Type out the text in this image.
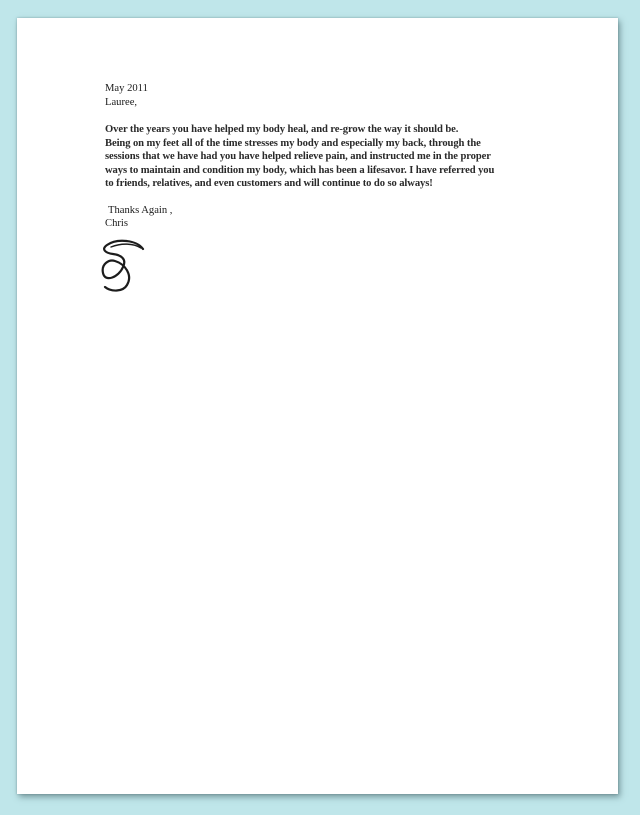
May 2011
Lauree,

Over the years you have helped my body heal, and re-grow the way it should be.
Being on my feet all of the time stresses my body and especially my back, through the
sessions that we have had you have helped relieve pain, and instructed me in the proper
ways to maintain and condition my body, which has been a lifesavor. I have referred you
to friends, relatives, and even customers and will continue to do so always!

Thanks Again ,
Chris
